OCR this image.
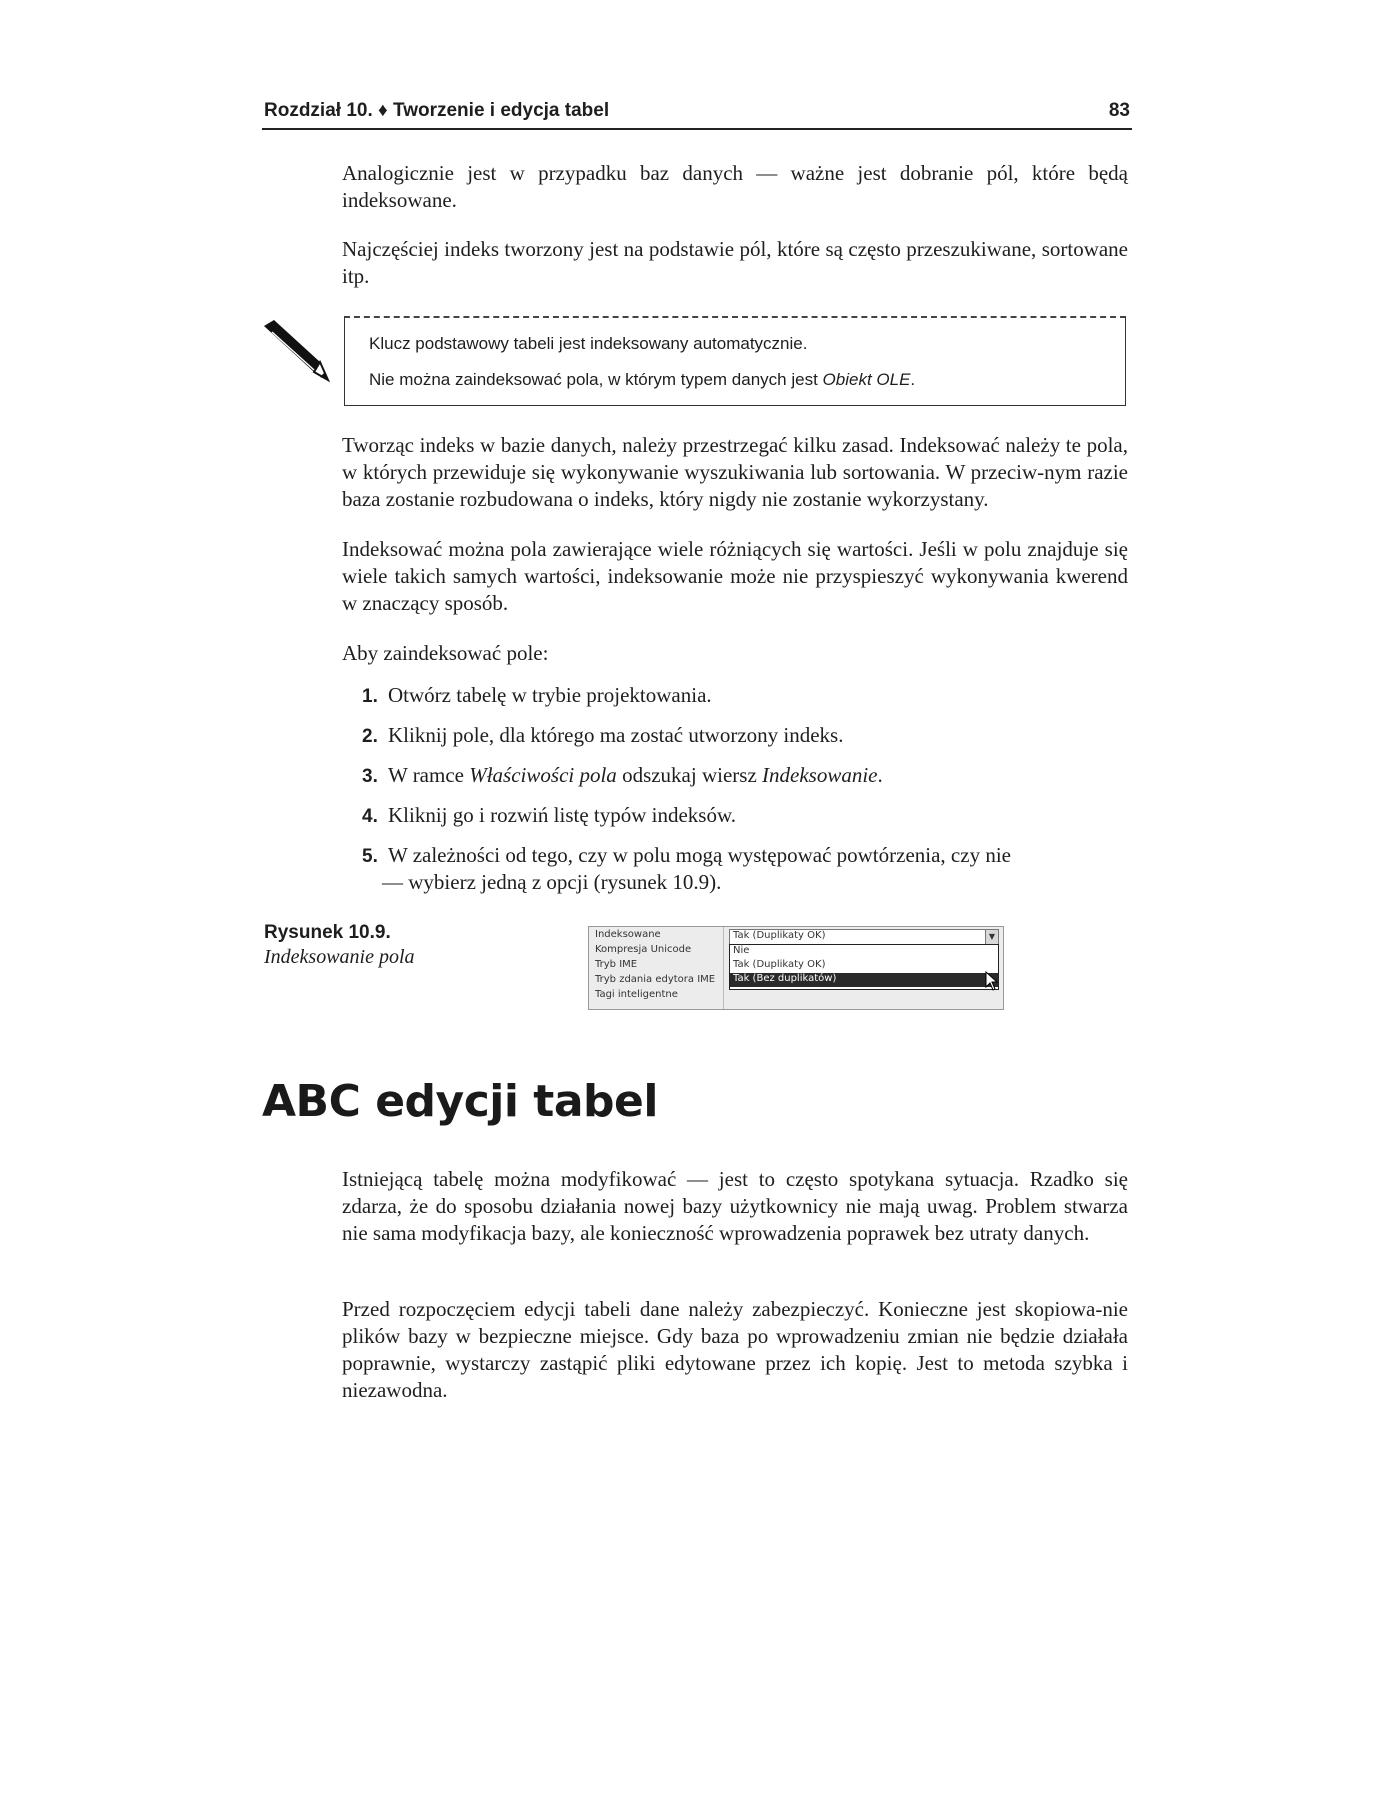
Rozdział 10. ♦ Tworzenie i edycja tabel	83

Analogicznie jest w przypadku baz danych — ważne jest dobranie pól, które będą indeksowane.

Najczęściej indeks tworzony jest na podstawie pól, które są często przeszukiwane, sortowane itp.

Klucz podstawowy tabeli jest indeksowany automatycznie.
Nie można zaindeksować pola, w którym typem danych jest Obiekt OLE.

Tworząc indeks w bazie danych, należy przestrzegać kilku zasad. Indeksować należy te pola, w których przewiduje się wykonywanie wyszukiwania lub sortowania. W przeciw-nym razie baza zostanie rozbudowana o indeks, który nigdy nie zostanie wykorzystany.

Indeksować można pola zawierające wiele różniących się wartości. Jeśli w polu znajduje się wiele takich samych wartości, indeksowanie może nie przyspieszyć wykonywania kwerend w znaczący sposób.

Aby zaindeksować pole:

1. Otwórz tabelę w trybie projektowania.
2. Kliknij pole, dla którego ma zostać utworzony indeks.
3. W ramce Właściwości pola odszukaj wiersz Indeksowanie.
4. Kliknij go i rozwiń listę typów indeksów.
5. W zależności od tego, czy w polu mogą występować powtórzenia, czy nie
— wybierz jedną z opcji (rysunek 10.9).
Rysunek 10.9.
Indeksowanie pola
Indeksowane
Kompresja Unicode
Tryb IME
Tryb zdania edytora IME
Tagi inteligentne
Tak (Duplikaty OK)	▼
Nie
Tak (Duplikaty OK)
Tak (Bez duplikatów)
ABC edycji tabel

Istniejącą tabelę można modyfikować — jest to często spotykana sytuacja. Rzadko się zdarza, że do sposobu działania nowej bazy użytkownicy nie mają uwag. Problem stwarza nie sama modyfikacja bazy, ale konieczność wprowadzenia poprawek bez utraty danych.

Przed rozpoczęciem edycji tabeli dane należy zabezpieczyć. Konieczne jest skopiowa-nie plików bazy w bezpieczne miejsce. Gdy baza po wprowadzeniu zmian nie będzie działała poprawnie, wystarczy zastąpić pliki edytowane przez ich kopię. Jest to metoda szybka i niezawodna.
